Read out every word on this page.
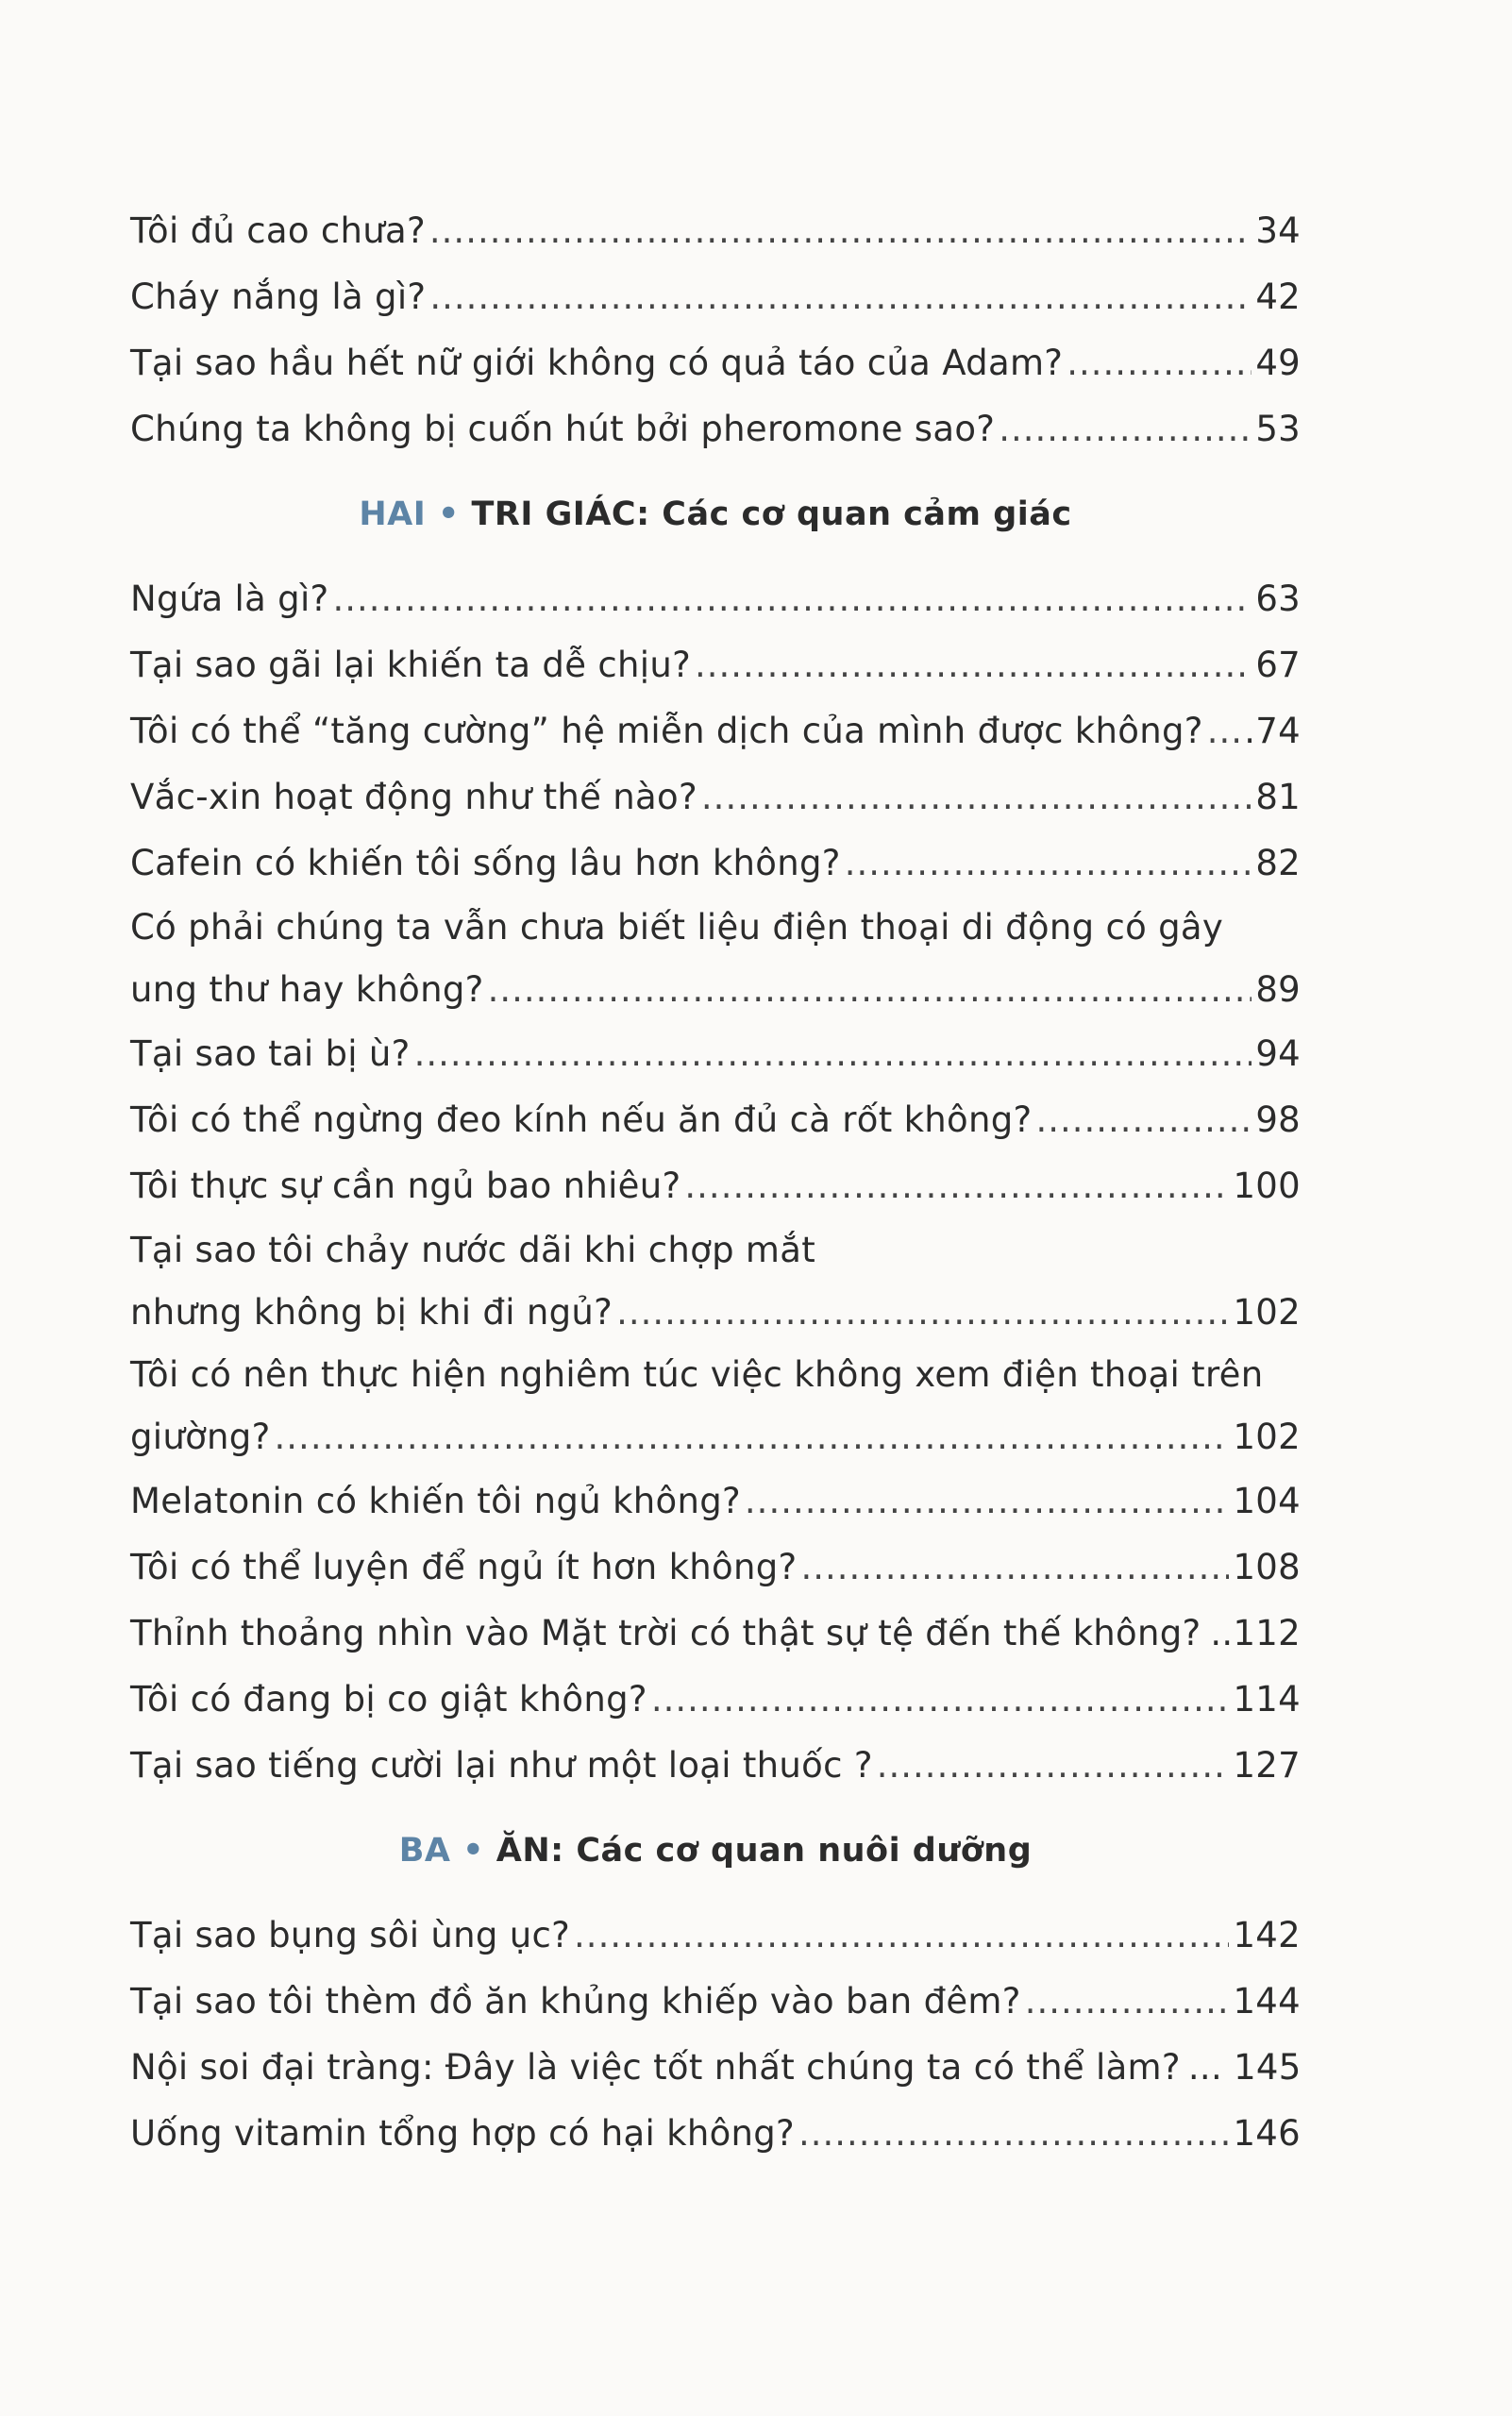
Tôi đủ cao chưa? .....	34
Cháy nắng là gì? .....	42
Tại sao hầu hết nữ giới không có quả táo của Adam? .....	49
Chúng ta không bị cuốn hút bởi pheromone sao? .....	53
HAI • TRI GIÁC: Các cơ quan cảm giác
Ngứa là gì? .....	63
Tại sao gãi lại khiến ta dễ chịu? .....	67
Tôi có thể “tăng cường” hệ miễn dịch của mình được không? ..... .74
Vắc-xin hoạt động như thế nào? .....	81
Cafein có khiến tôi sống lâu hơn không? .....	82
Có phải chúng ta vẫn chưa biết liệu điện thoại di động có gây
ung thư hay không? .....	89
Tại sao tai bị ù? .....	94
Tôi có thể ngừng đeo kính nếu ăn đủ cà rốt không? .....	98
Tôi thực sự cần ngủ bao nhiêu? .....	100
Tại sao tôi chảy nước dãi khi chợp mắt
nhưng không bị khi đi ngủ? .....	102
Tôi có nên thực hiện nghiêm túc việc không xem điện thoại trên
giường? .....	102
Melatonin có khiến tôi ngủ không? .....	104
Tôi có thể luyện để ngủ ít hơn không? .....	108
Thỉnh thoảng nhìn vào Mặt trời có thật sự tệ đến thế không? ..... ..112
Tôi có đang bị co giật không? .....	114
Tại sao tiếng cười lại như một loại thuốc ? .....	127
BA • ĂN: Các cơ quan nuôi dưỡng
Tại sao bụng sôi ùng ục? .....	142
Tại sao tôi thèm đồ ăn khủng khiếp vào ban đêm? .....	144
Nội soi đại tràng: Đây là việc tốt nhất chúng ta có thể làm? ... 145
Uống vitamin tổng hợp có hại không? .....	146
